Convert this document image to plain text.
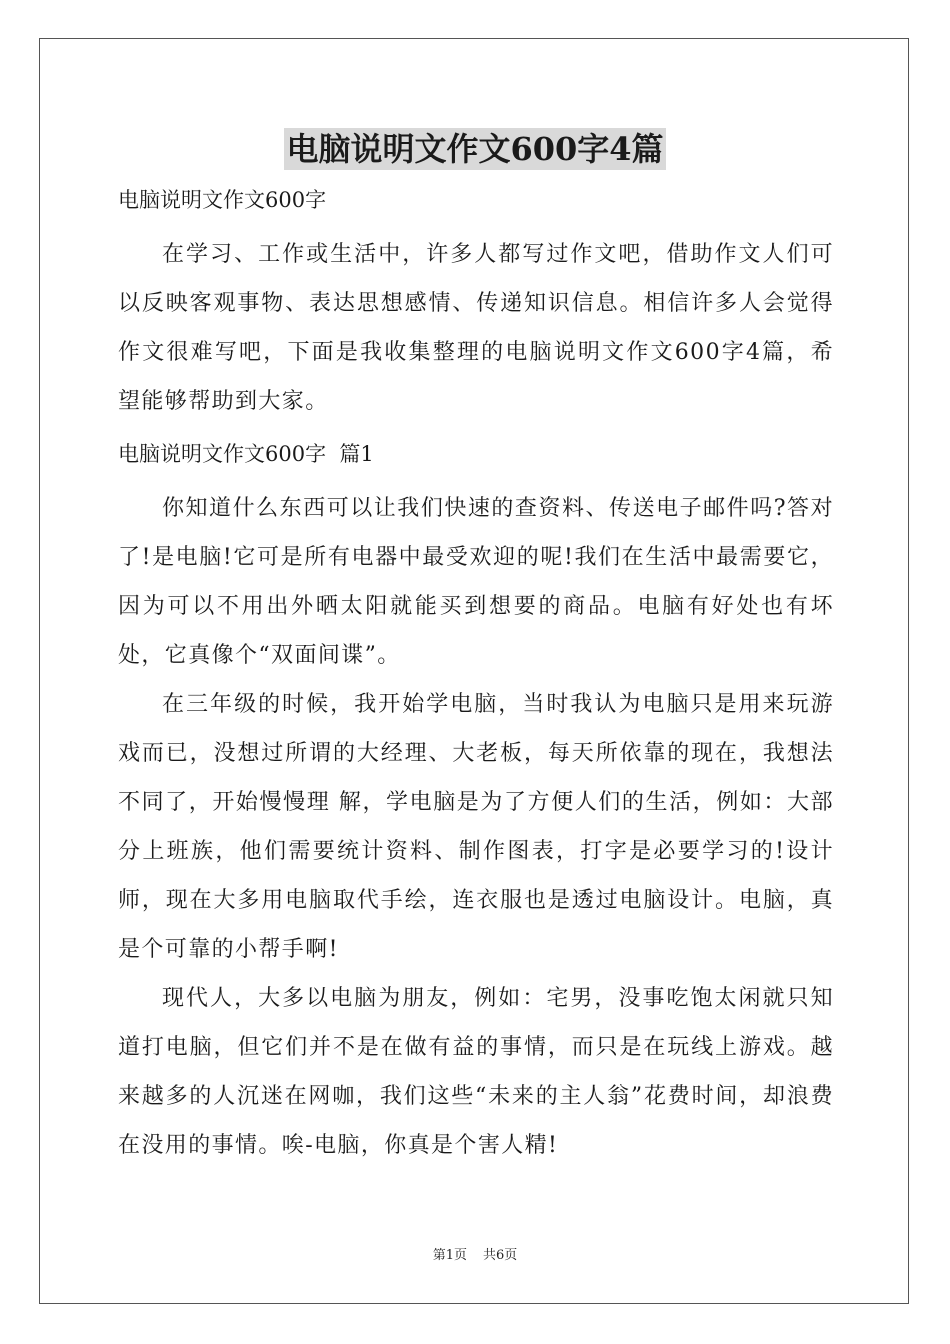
电脑说明文作文600字4篇

电脑说明文作文600字

在学习、工作或生活中，许多人都写过作文吧，借助作文人们可以反映客观事物、表达思想感情、传递知识信息。相信许多人会觉得作文很难写吧，下面是我收集整理的电脑说明文作文600字4篇，希望能够帮助到大家。

电脑说明文作文600字  篇1

你知道什么东西可以让我们快速的查资料、传送电子邮件吗?答对了!是电脑!它可是所有电器中最受欢迎的呢!我们在生活中最需要它，因为可以不用出外晒太阳就能买到想要的商品。电脑有好处也有坏处，它真像个“双面间谍”。

在三年级的时候，我开始学电脑，当时我认为电脑只是用来玩游戏而已，没想过所谓的大经理、大老板，每天所依靠的现在，我想法不同了，开始慢慢理 解，学电脑是为了方便人们的生活，例如：大部分上班族，他们需要统计资料、制作图表，打字是必要学习的!设计师，现在大多用电脑取代手绘，连衣服也是透过电脑设计。电脑，真是个可靠的小帮手啊!

现代人，大多以电脑为朋友，例如：宅男，没事吃饱太闲就只知道打电脑，但它们并不是在做有益的事情，而只是在玩线上游戏。越来越多的人沉迷在网咖，我们这些“未来的主人翁”花费时间，却浪费在没用的事情。唉-电脑，你真是个害人精!

第1页 共6页
